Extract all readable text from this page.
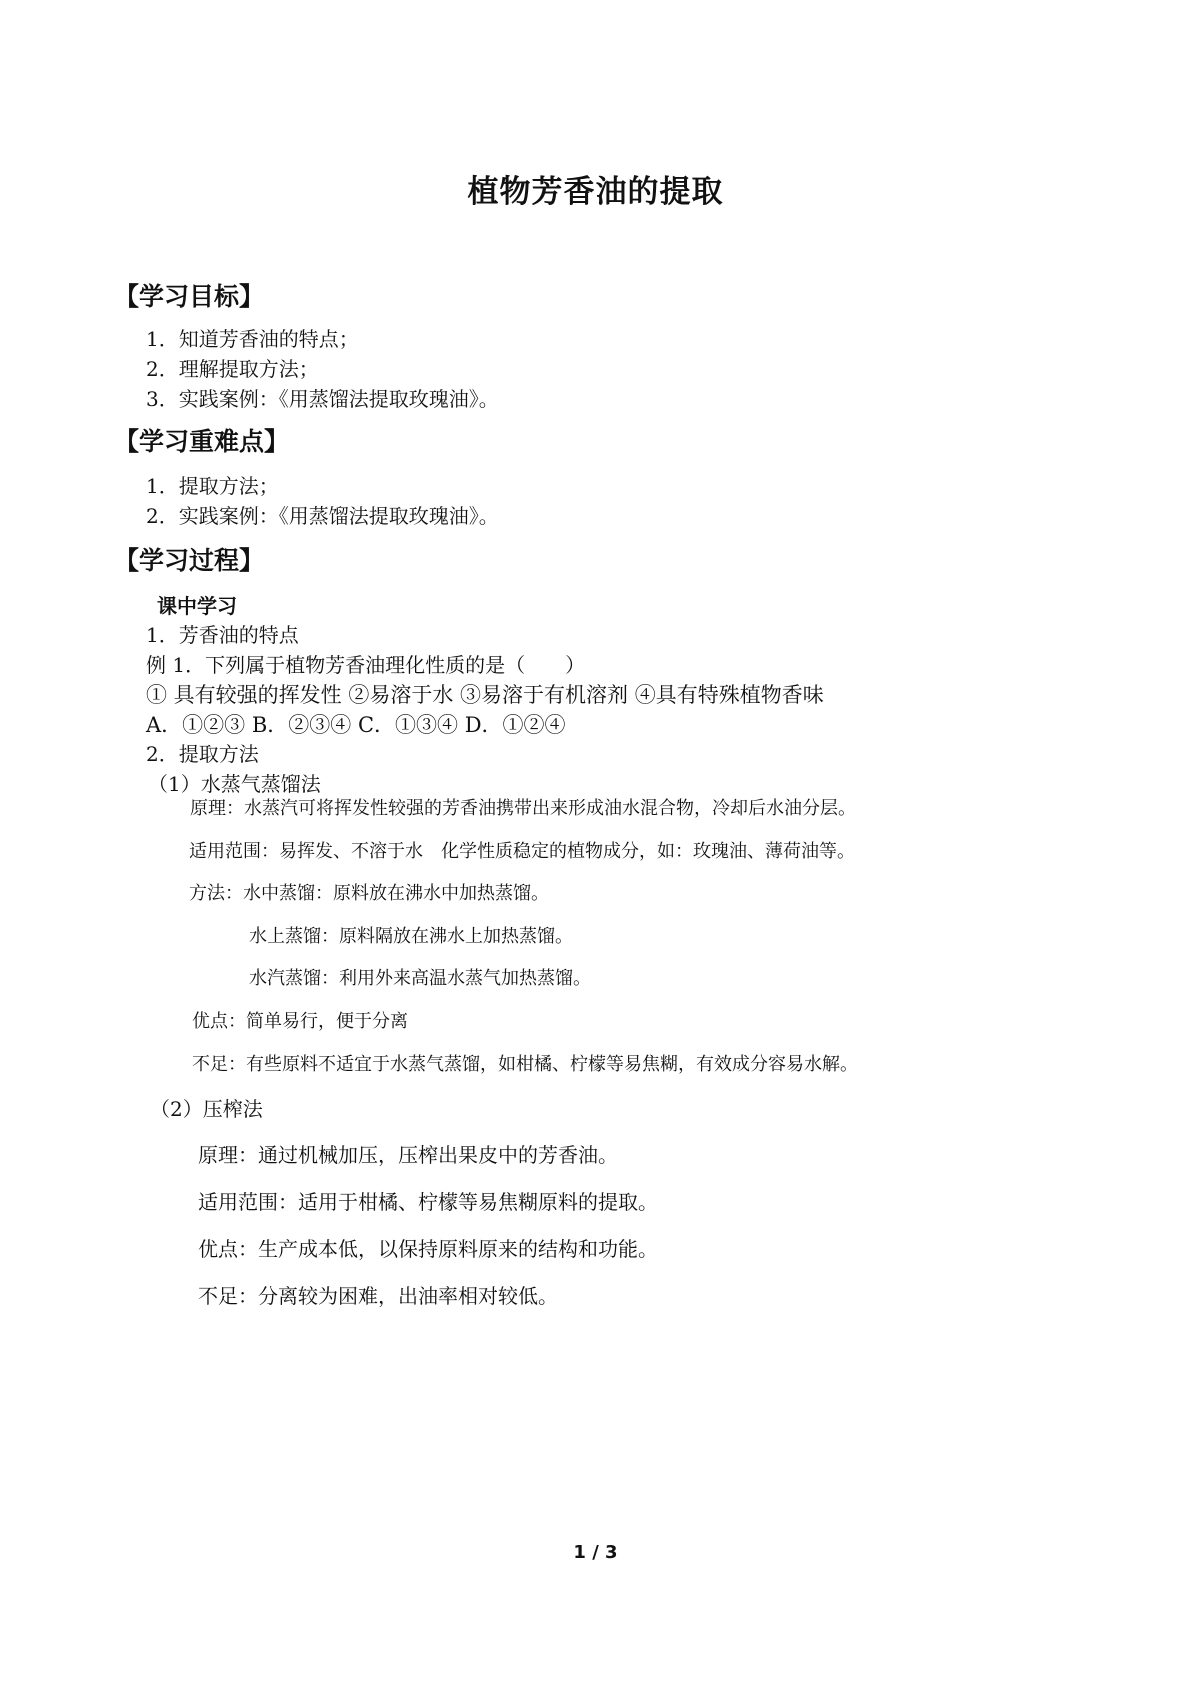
植物芳香油的提取
【学习目标】
1．知道芳香油的特点；
2．理解提取方法；
3．实践案例：《用蒸馏法提取玫瑰油》。
【学习重难点】
1．提取方法；
2．实践案例：《用蒸馏法提取玫瑰油》。
【学习过程】
课中学习
1．芳香油的特点
例 1．下列属于植物芳香油理化性质的是（　　）
① 具有较强的挥发性 ②易溶于水 ③易溶于有机溶剂 ④具有特殊植物香味
A．①②③ B．②③④ C．①③④ D．①②④
2．提取方法
（1）水蒸气蒸馏法
原理：水蒸汽可将挥发性较强的芳香油携带出来形成油水混合物，冷却后水油分层。
适用范围：易挥发、不溶于水　化学性质稳定的植物成分，如：玫瑰油、薄荷油等。
方法：水中蒸馏：原料放在沸水中加热蒸馏。
水上蒸馏：原料隔放在沸水上加热蒸馏。
水汽蒸馏：利用外来高温水蒸气加热蒸馏。
优点：简单易行，便于分离
不足：有些原料不适宜于水蒸气蒸馏，如柑橘、柠檬等易焦糊，有效成分容易水解。
（2）压榨法
原理：通过机械加压，压榨出果皮中的芳香油。
适用范围：适用于柑橘、柠檬等易焦糊原料的提取。
优点：生产成本低，以保持原料原来的结构和功能。
不足：分离较为困难，出油率相对较低。
1 / 3
